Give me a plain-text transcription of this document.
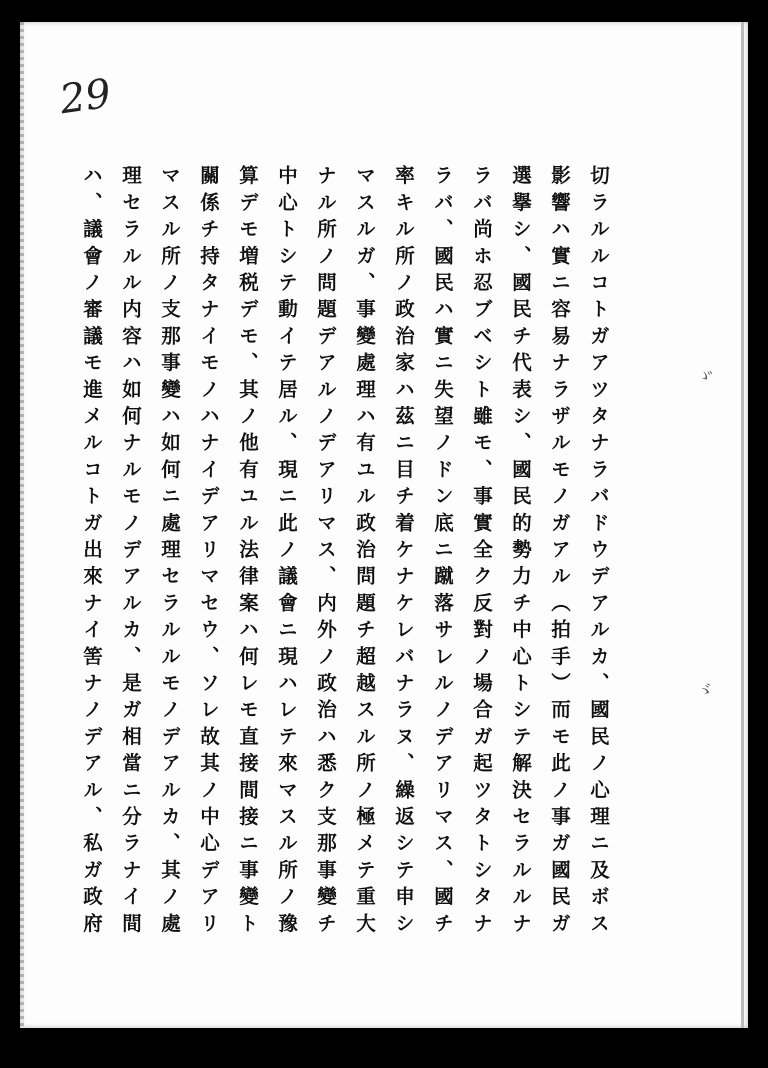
29
切ラルルコトガアツタナラバドウデアルカ、國民ノ心理ニ及ボス
影響ハ實ニ容易ナラザルモノガアル（拍手）而モ此ノ事ガ國民ガ
選擧シ、國民チ代表シ、國民的勢力チ中心トシテ解決セラルルナ
ラバ尚ホ忍ブベシト雖モ、事實全ク反對ノ場合ガ起ツタトシタナ
ラバ、國民ハ實ニ失望ノドン底ニ蹴落サレルノデアリマス、國チ
率キル所ノ政治家ハ茲ニ目チ着ケナケレバナラヌ、繰返シテ申シ
マスルガ、事變處理ハ有ユル政治問題チ超越スル所ノ極メテ重大
ナル所ノ問題デアルノデアリマス、内外ノ政治ハ悉ク支那事變チ
中心トシテ動イテ居ル、現ニ此ノ議會ニ現ハレテ來マスル所ノ豫
算デモ増税デモ、其ノ他有ユル法律案ハ何レモ直接間接ニ事變ト
關係チ持タナイモノハナイデアリマセウ、ソレ故其ノ中心デアリ
マスル所ノ支那事變ハ如何ニ處理セラルルモノデアルカ、其ノ處
理セラルル内容ハ如何ナルモノデアルカ、是ガ相當ニ分ラナイ間
ハ、議會ノ審議モ進メルコトガ出來ナイ筈ナノデアル、私ガ政府	ゞ
ゞ
